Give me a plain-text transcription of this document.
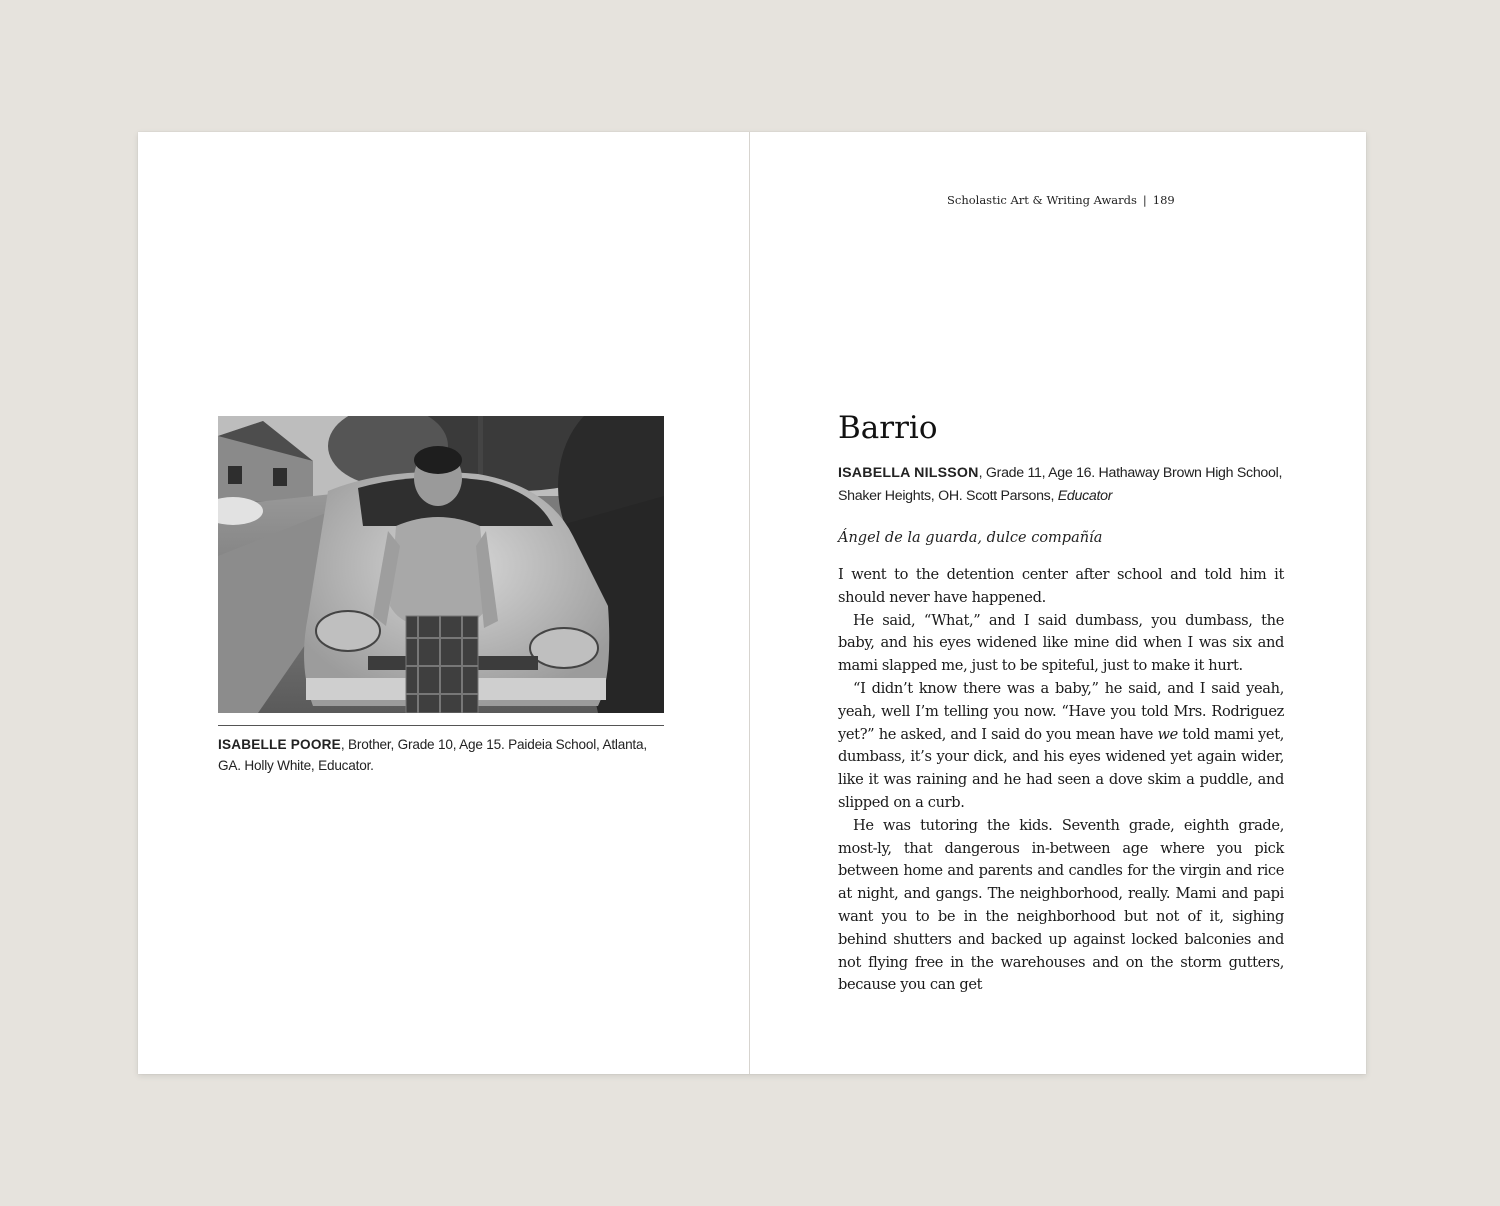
ISABELLE POORE, Brother, Grade 10, Age 15. Paideia School, Atlanta, GA. Holly White, Educator.
Scholastic Art & Writing Awards | 189
Barrio
ISABELLA NILSSON, Grade 11, Age 16. Hathaway Brown High School, Shaker Heights, OH. Scott Parsons, Educator
Ángel de la guarda, dulce compañía

I went to the detention center after school and told him it should never have happened.

He said, “What,” and I said dumbass, you dumbass, the baby, and his eyes widened like mine did when I was six and mami slapped me, just to be spiteful, just to make it hurt.

“I didn’t know there was a baby,” he said, and I said yeah, yeah, well I’m telling you now. “Have you told Mrs. Rodriguez yet?” he asked, and I said do you mean have we told mami yet, dumbass, it’s your dick, and his eyes widened yet again wider, like it was raining and he had seen a dove skim a puddle, and slipped on a curb.

He was tutoring the kids. Seventh grade, eighth grade, most-ly, that dangerous in-between age where you pick between home and parents and candles for the virgin and rice at night, and gangs. The neighborhood, really. Mami and papi want you to be in the neighborhood but not of it, sighing behind shutters and backed up against locked balconies and not flying free in the warehouses and on the storm gutters, because you can get
